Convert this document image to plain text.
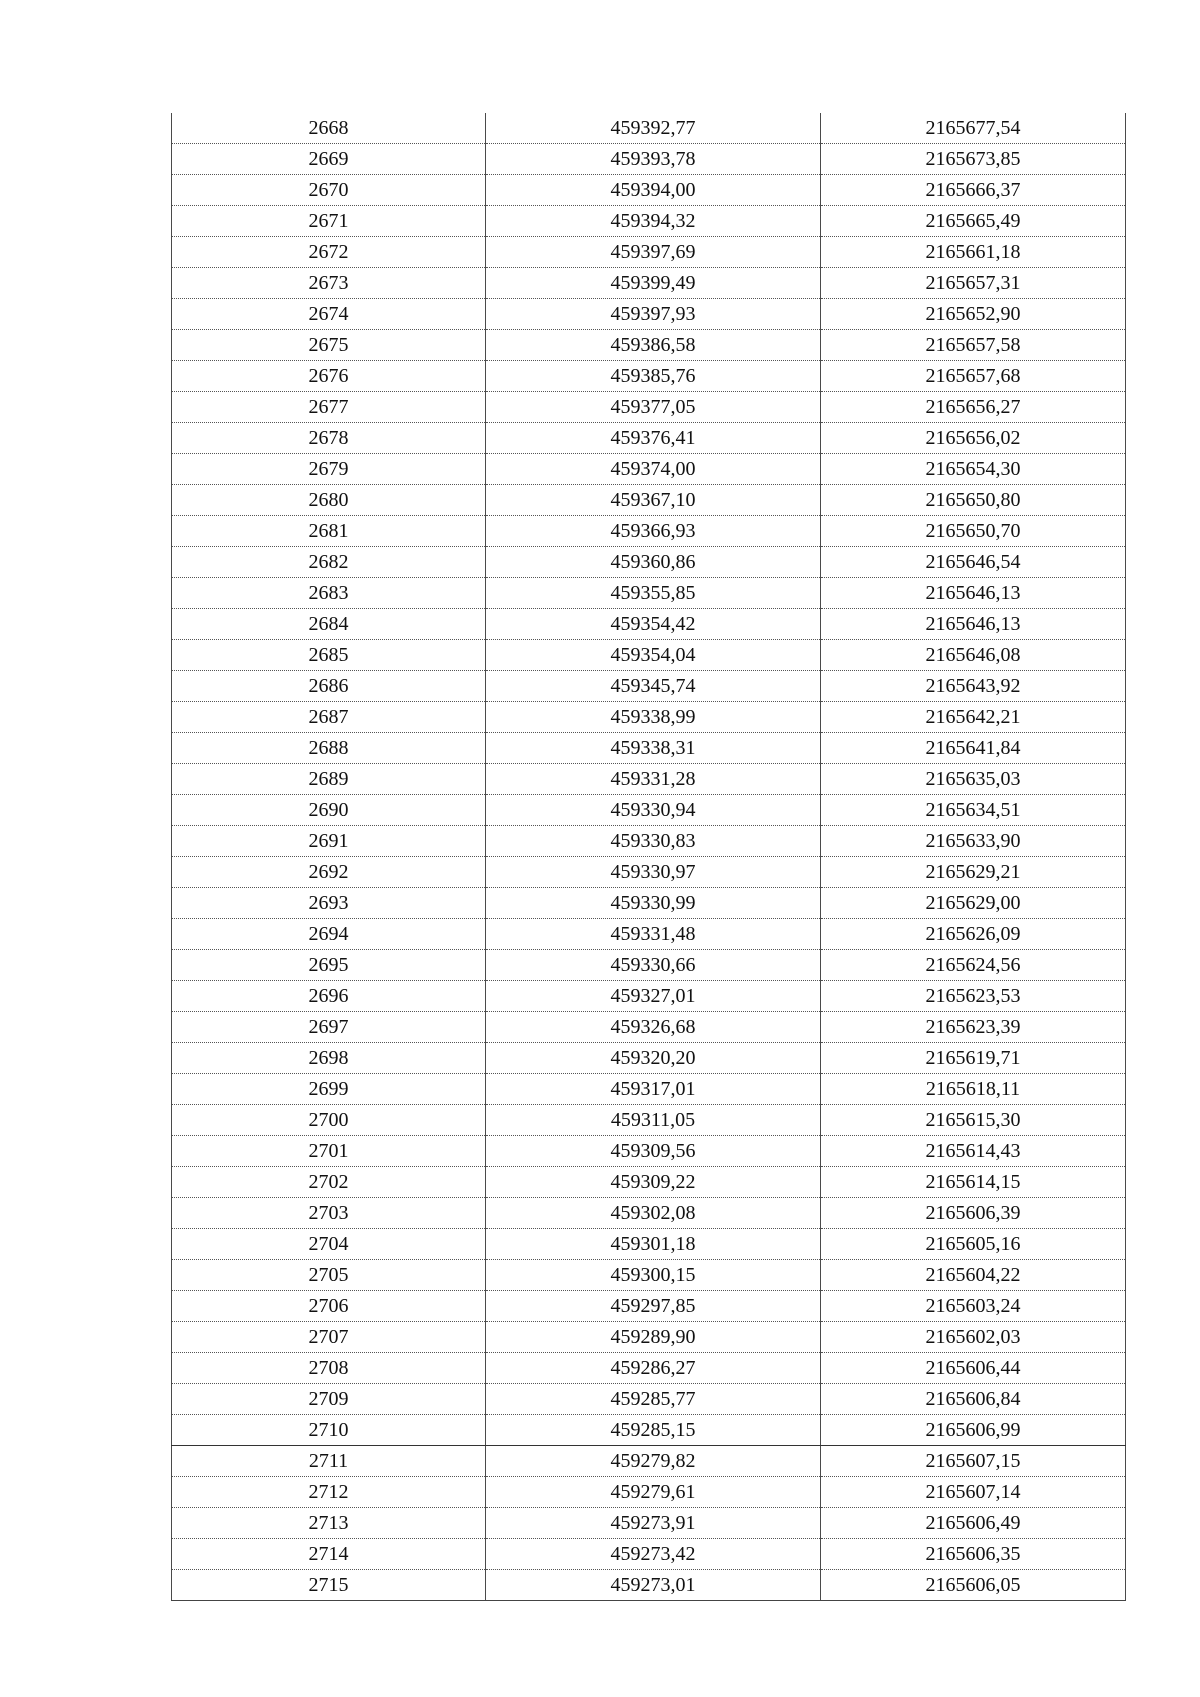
2668	459392,77	2165677,54
2669	459393,78	2165673,85
2670	459394,00	2165666,37
2671	459394,32	2165665,49
2672	459397,69	2165661,18
2673	459399,49	2165657,31
2674	459397,93	2165652,90
2675	459386,58	2165657,58
2676	459385,76	2165657,68
2677	459377,05	2165656,27
2678	459376,41	2165656,02
2679	459374,00	2165654,30
2680	459367,10	2165650,80
2681	459366,93	2165650,70
2682	459360,86	2165646,54
2683	459355,85	2165646,13
2684	459354,42	2165646,13
2685	459354,04	2165646,08
2686	459345,74	2165643,92
2687	459338,99	2165642,21
2688	459338,31	2165641,84
2689	459331,28	2165635,03
2690	459330,94	2165634,51
2691	459330,83	2165633,90
2692	459330,97	2165629,21
2693	459330,99	2165629,00
2694	459331,48	2165626,09
2695	459330,66	2165624,56
2696	459327,01	2165623,53
2697	459326,68	2165623,39
2698	459320,20	2165619,71
2699	459317,01	2165618,11
2700	459311,05	2165615,30
2701	459309,56	2165614,43
2702	459309,22	2165614,15
2703	459302,08	2165606,39
2704	459301,18	2165605,16
2705	459300,15	2165604,22
2706	459297,85	2165603,24
2707	459289,90	2165602,03
2708	459286,27	2165606,44
2709	459285,77	2165606,84
2710	459285,15	2165606,99
2711	459279,82	2165607,15
2712	459279,61	2165607,14
2713	459273,91	2165606,49
2714	459273,42	2165606,35
2715	459273,01	2165606,05
